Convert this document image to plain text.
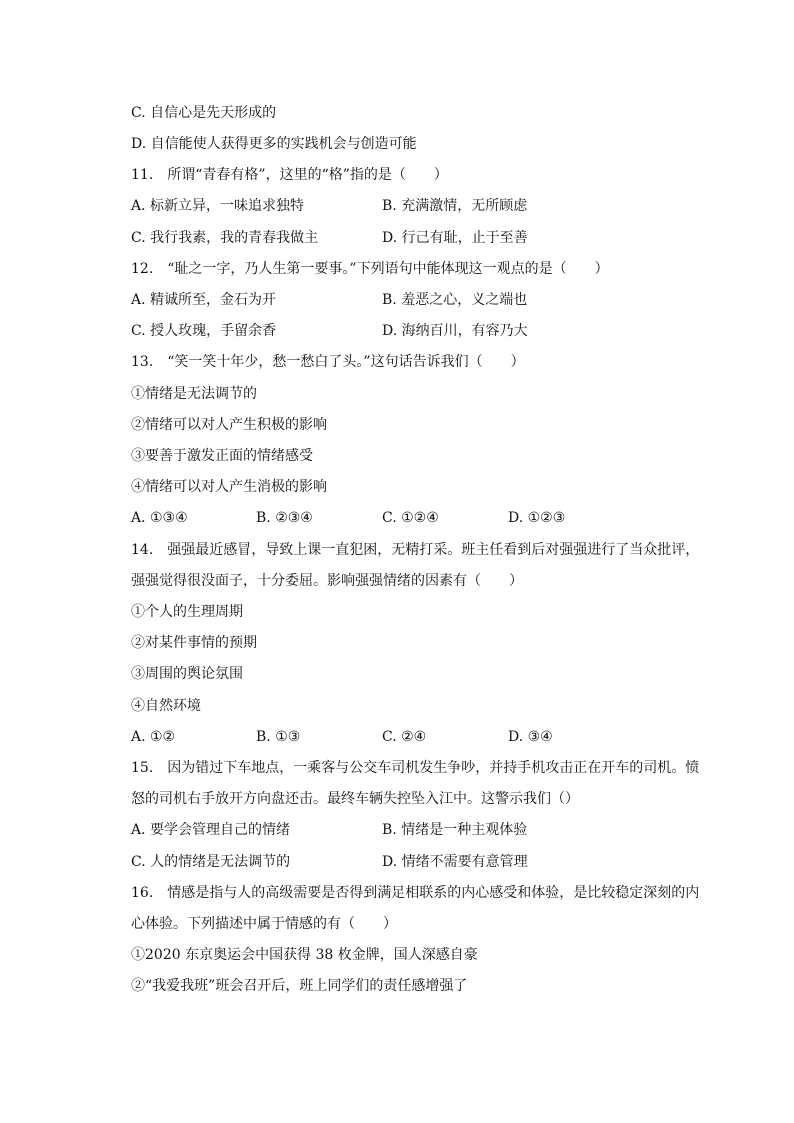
C. 自信心是先天形成的
D. 自信能使人获得更多的实践机会与创造可能
11.　所谓“青春有格”，这里的“格”指的是（　　）
A. 标新立异，一味追求独特	B. 充满激情，无所顾虑
C. 我行我素，我的青春我做主	D. 行己有耻，止于至善
12.　“耻之一字，乃人生第一要事。”下列语句中能体现这一观点的是（　　）
A. 精诚所至，金石为开	B. 羞恶之心，义之端也
C. 授人玫瑰，手留余香	D. 海纳百川，有容乃大
13.　“笑一笑十年少，愁一愁白了头。”这句话告诉我们（　　）
①情绪是无法调节的
②情绪可以对人产生积极的影响
③要善于激发正面的情绪感受
④情绪可以对人产生消极的影响
A. ①③④	B. ②③④	C. ①②④	D. ①②③
14.　强强最近感冒，导致上课一直犯困，无精打采。班主任看到后对强强进行了当众批评，
强强觉得很没面子，十分委屈。影响强强情绪的因素有（　　）
①个人的生理周期
②对某件事情的预期
③周围的舆论氛围
④自然环境
A. ①②	B. ①③	C. ②④	D. ③④
15.　因为错过下车地点，一乘客与公交车司机发生争吵，并持手机攻击正在开车的司机。愤
怒的司机右手放开方向盘还击。最终车辆失控坠入江中。这警示我们（）
A. 要学会管理自己的情绪	B. 情绪是一种主观体验
C. 人的情绪是无法调节的	D. 情绪不需要有意管理
16.　情感是指与人的高级需要是否得到满足相联系的内心感受和体验，是比较稳定深刻的内
心体验。下列描述中属于情感的有（　　）
①2020 东京奥运会中国获得 38 枚金牌，国人深感自豪
②“我爱我班”班会召开后，班上同学们的责任感增强了
